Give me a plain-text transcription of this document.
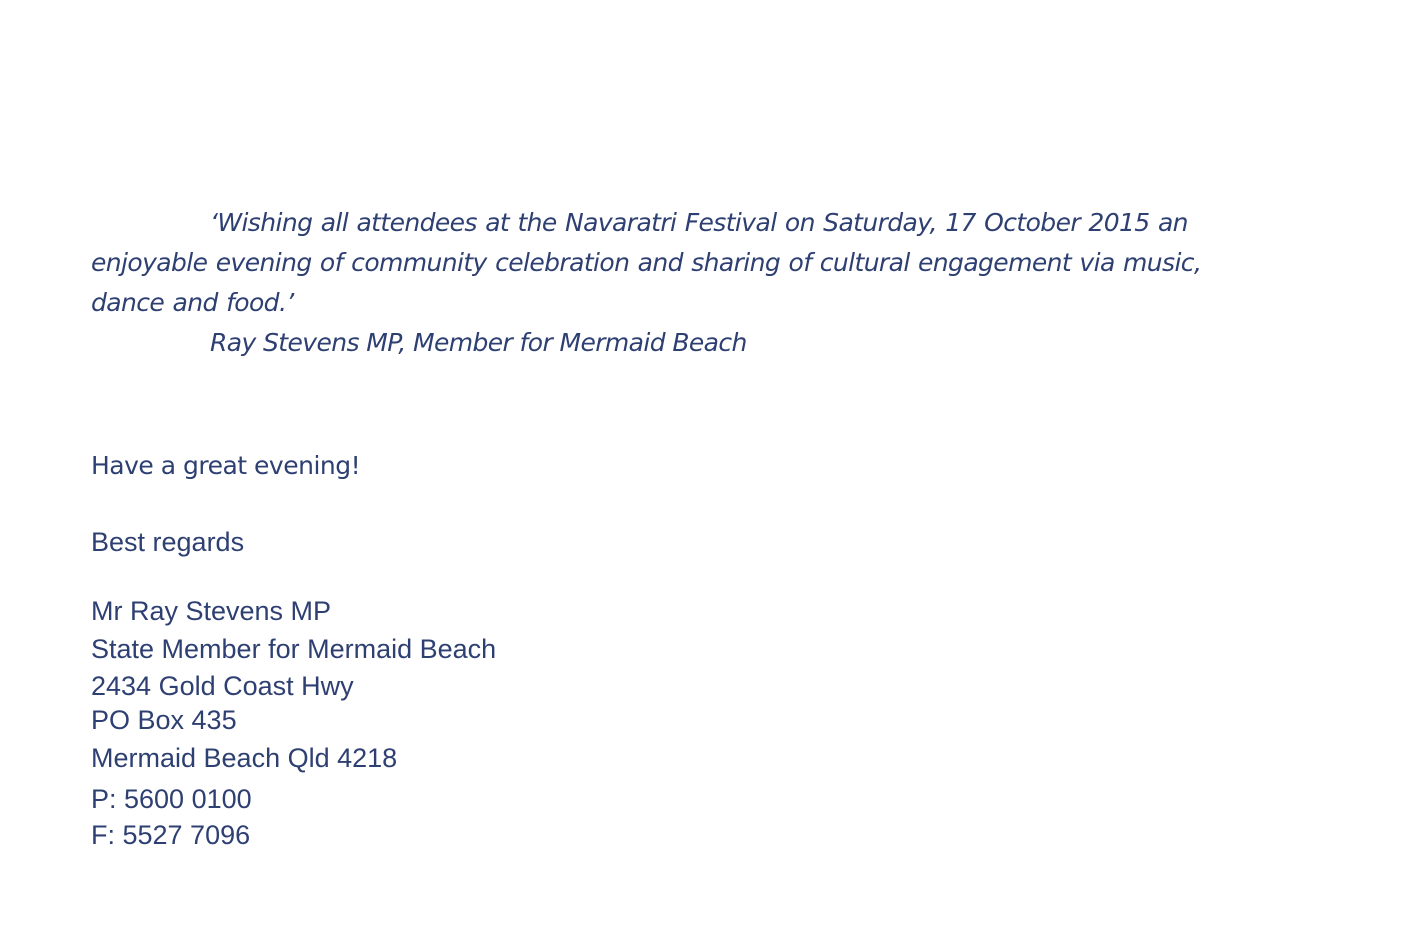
‘Wishing all attendees at the Navaratri Festival on Saturday, 17 October 2015 an
enjoyable evening of community celebration and sharing of cultural engagement via music,
dance and food.’
Ray Stevens MP, Member for Mermaid Beach
Have a great evening!
Best regards
Mr Ray Stevens MP
State Member for Mermaid Beach
2434 Gold Coast Hwy
PO Box 435
Mermaid Beach Qld 4218
P: 5600 0100
F: 5527 7096
